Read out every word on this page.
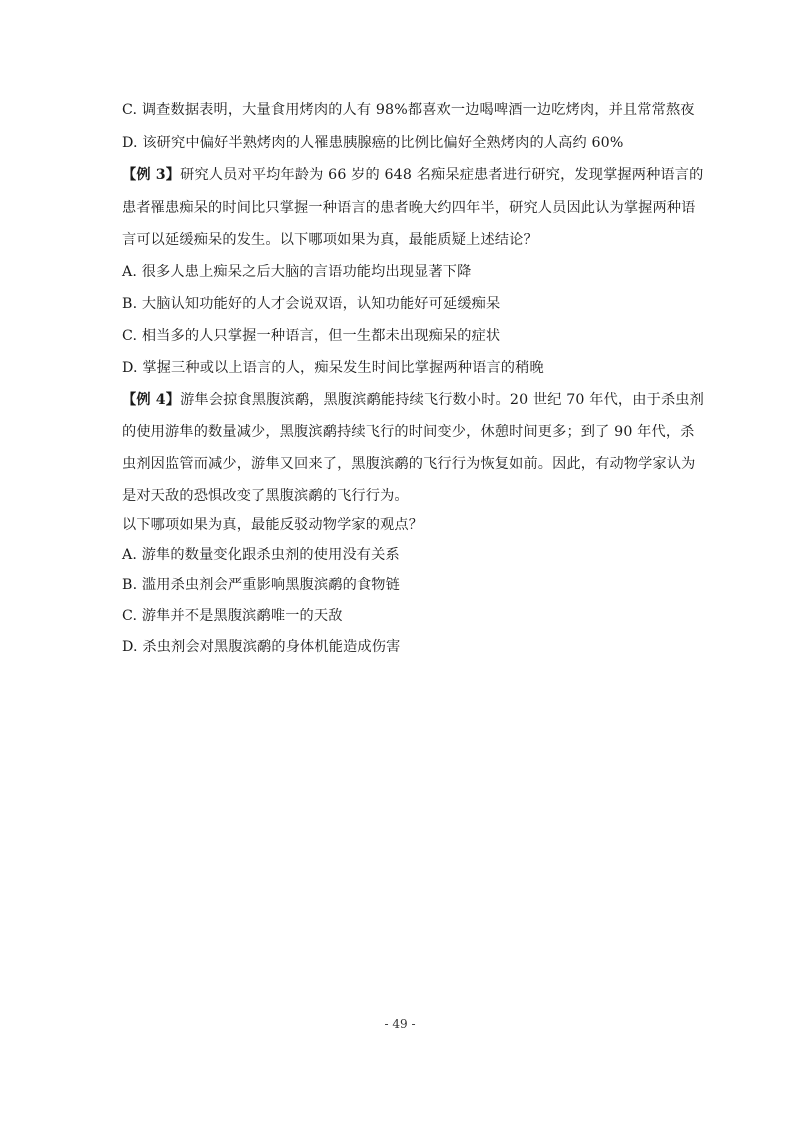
C. 调查数据表明，大量食用烤肉的人有 98%都喜欢一边喝啤酒一边吃烤肉，并且常常熬夜
D. 该研究中偏好半熟烤肉的人罹患胰腺癌的比例比偏好全熟烤肉的人高约 60%
【例 3】研究人员对平均年龄为 66 岁的 648 名痴呆症患者进行研究，发现掌握两种语言的
患者罹患痴呆的时间比只掌握一种语言的患者晚大约四年半，研究人员因此认为掌握两种语
言可以延缓痴呆的发生。以下哪项如果为真，最能质疑上述结论？
A. 很多人患上痴呆之后大脑的言语功能均出现显著下降
B. 大脑认知功能好的人才会说双语，认知功能好可延缓痴呆
C. 相当多的人只掌握一种语言，但一生都未出现痴呆的症状
D. 掌握三种或以上语言的人，痴呆发生时间比掌握两种语言的稍晚
【例 4】游隼会掠食黑腹滨鹬，黑腹滨鹬能持续飞行数小时。20 世纪 70 年代，由于杀虫剂
的使用游隼的数量减少，黑腹滨鹬持续飞行的时间变少，休憩时间更多；到了 90 年代，杀
虫剂因监管而减少，游隼又回来了，黑腹滨鹬的飞行行为恢复如前。因此，有动物学家认为
是对天敌的恐惧改变了黑腹滨鹬的飞行行为。
以下哪项如果为真，最能反驳动物学家的观点？
A. 游隼的数量变化跟杀虫剂的使用没有关系
B. 滥用杀虫剂会严重影响黑腹滨鹬的食物链
C. 游隼并不是黑腹滨鹬唯一的天敌
D. 杀虫剂会对黑腹滨鹬的身体机能造成伤害
- 49 -
